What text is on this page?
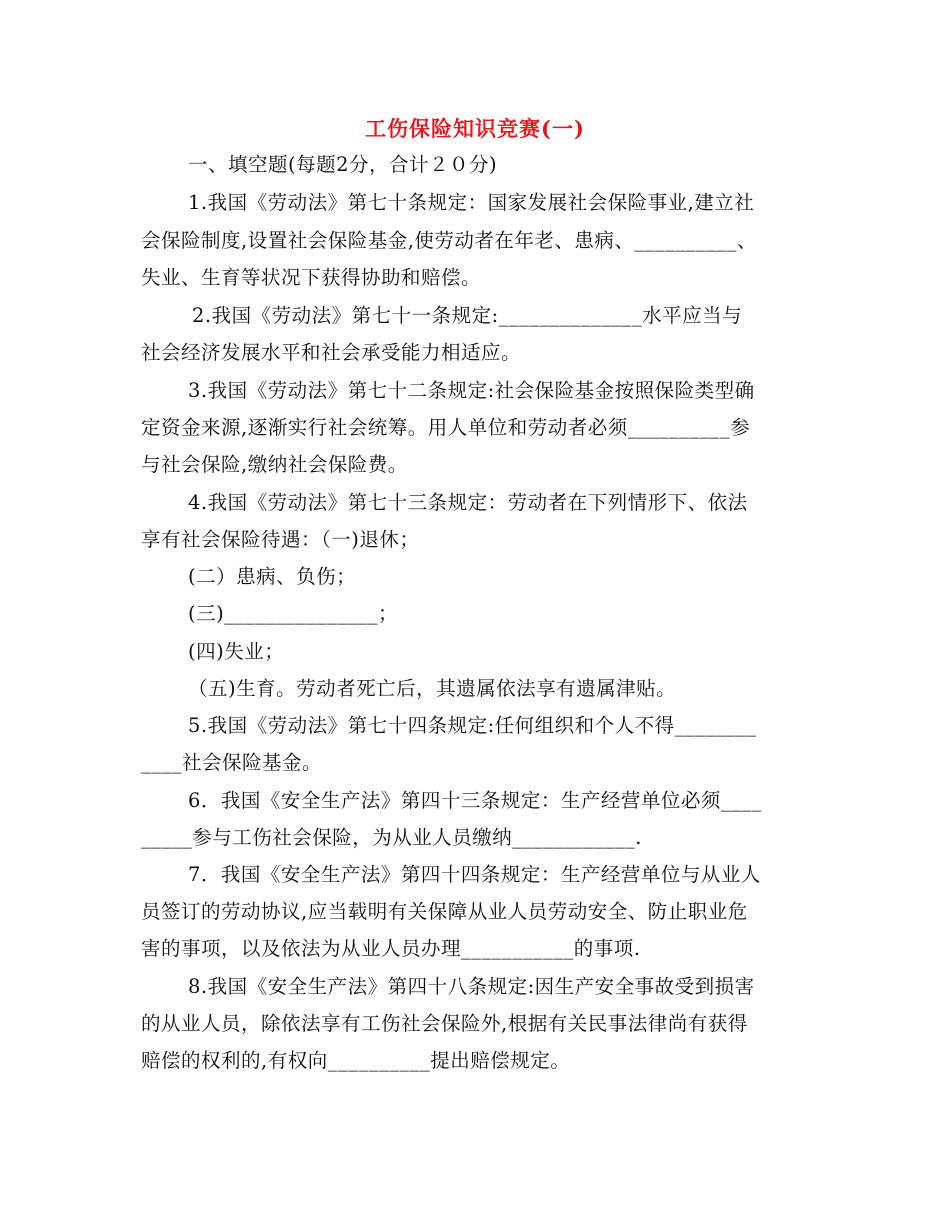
工伤保险知识竞赛(一)
一、填空题(每题2分，合计２０分)
1.我国《劳动法》第七十条规定：国家发展社会保险事业,建立社
会保险制度,设置社会保险基金,使劳动者在年老、患病、__________、
失业、生育等状况下获得协助和赔偿。
2.我国《劳动法》第七十一条规定:______________水平应当与
社会经济发展水平和社会承受能力相适应。
3.我国《劳动法》第七十二条规定:社会保险基金按照保险类型确
定资金来源,逐渐实行社会统筹。用人单位和劳动者必须__________参
与社会保险,缴纳社会保险费。
4.我国《劳动法》第七十三条规定：劳动者在下列情形下、依法
享有社会保险待遇：（一)退休；
(二）患病、负伤；
(三)_______________；
(四)失业；
（五)生育。劳动者死亡后，其遗属依法享有遗属津贴。
5.我国《劳动法》第七十四条规定:任何组织和个人不得________
____社会保险基金。
6．我国《安全生产法》第四十三条规定：生产经营单位必须____
_____参与工伤社会保险，为从业人员缴纳____________.
7．我国《安全生产法》第四十四条规定：生产经营单位与从业人
员签订的劳动协议,应当载明有关保障从业人员劳动安全、防止职业危
害的事项，以及依法为从业人员办理___________的事项.
8.我国《安全生产法》第四十八条规定:因生产安全事故受到损害
的从业人员，除依法享有工伤社会保险外,根据有关民事法律尚有获得
赔偿的权利的,有权向__________提出赔偿规定。
